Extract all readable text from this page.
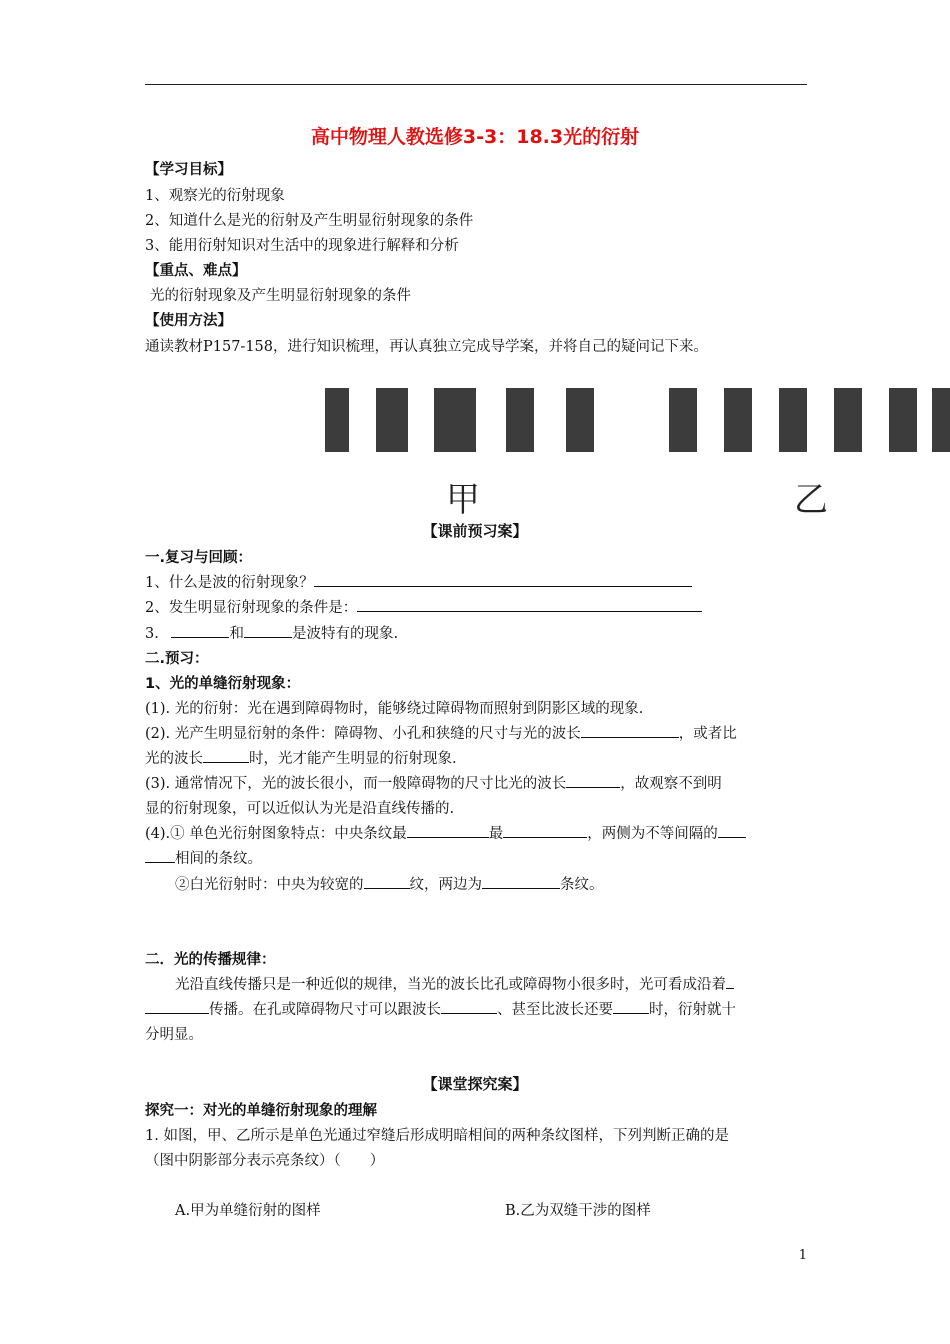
高中物理人教选修3-3：18.3光的衍射
【学习目标】
1、观察光的衍射现象
2、知道什么是光的衍射及产生明显衍射现象的条件
3、能用衍射知识对生活中的现象进行解释和分析
【重点、难点】
光的衍射现象及产生明显衍射现象的条件
【使用方法】
通读教材P157-158，进行知识梳理，再认真独立完成导学案，并将自己的疑问记下来。
甲	乙
【课前预习案】
一.复习与回顾：
1、什么是波的衍射现象？
2、发生明显衍射现象的条件是：
3.	和	是波特有的现象.
二.预习：
1、光的单缝衍射现象：
(1). 光的衍射：光在遇到障碍物时，能够绕过障碍物而照射到阴影区域的现象.
(2). 光产生明显衍射的条件：障碍物、小孔和狭缝的尺寸与光的波长	，或者比
光的波长	时，光才能产生明显的衍射现象.
(3). 通常情况下，光的波长很小，而一般障碍物的尺寸比光的波长	，故观察不到明
显的衍射现象，可以近似认为光是沿直线传播的.
(4).① 单色光衍射图象特点：中央条纹最	最	，两侧为不等间隔的
相间的条纹。
②白光衍射时：中央为较宽的	纹，两边为	条纹。
二．光的传播规律：
光沿直线传播只是一种近似的规律，当光的波长比孔或障碍物小很多时，光可看成沿着
传播。在孔或障碍物尺寸可以跟波长	、甚至比波长还要 时，衍射就十
分明显。
【课堂探究案】
探究一：对光的单缝衍射现象的理解
1. 如图，甲、乙所示是单色光通过窄缝后形成明暗相间的两种条纹图样，下列判断正确的是
（图中阴影部分表示亮条纹）（　　）
A.甲为单缝衍射的图样	B.乙为双缝干涉的图样
1
